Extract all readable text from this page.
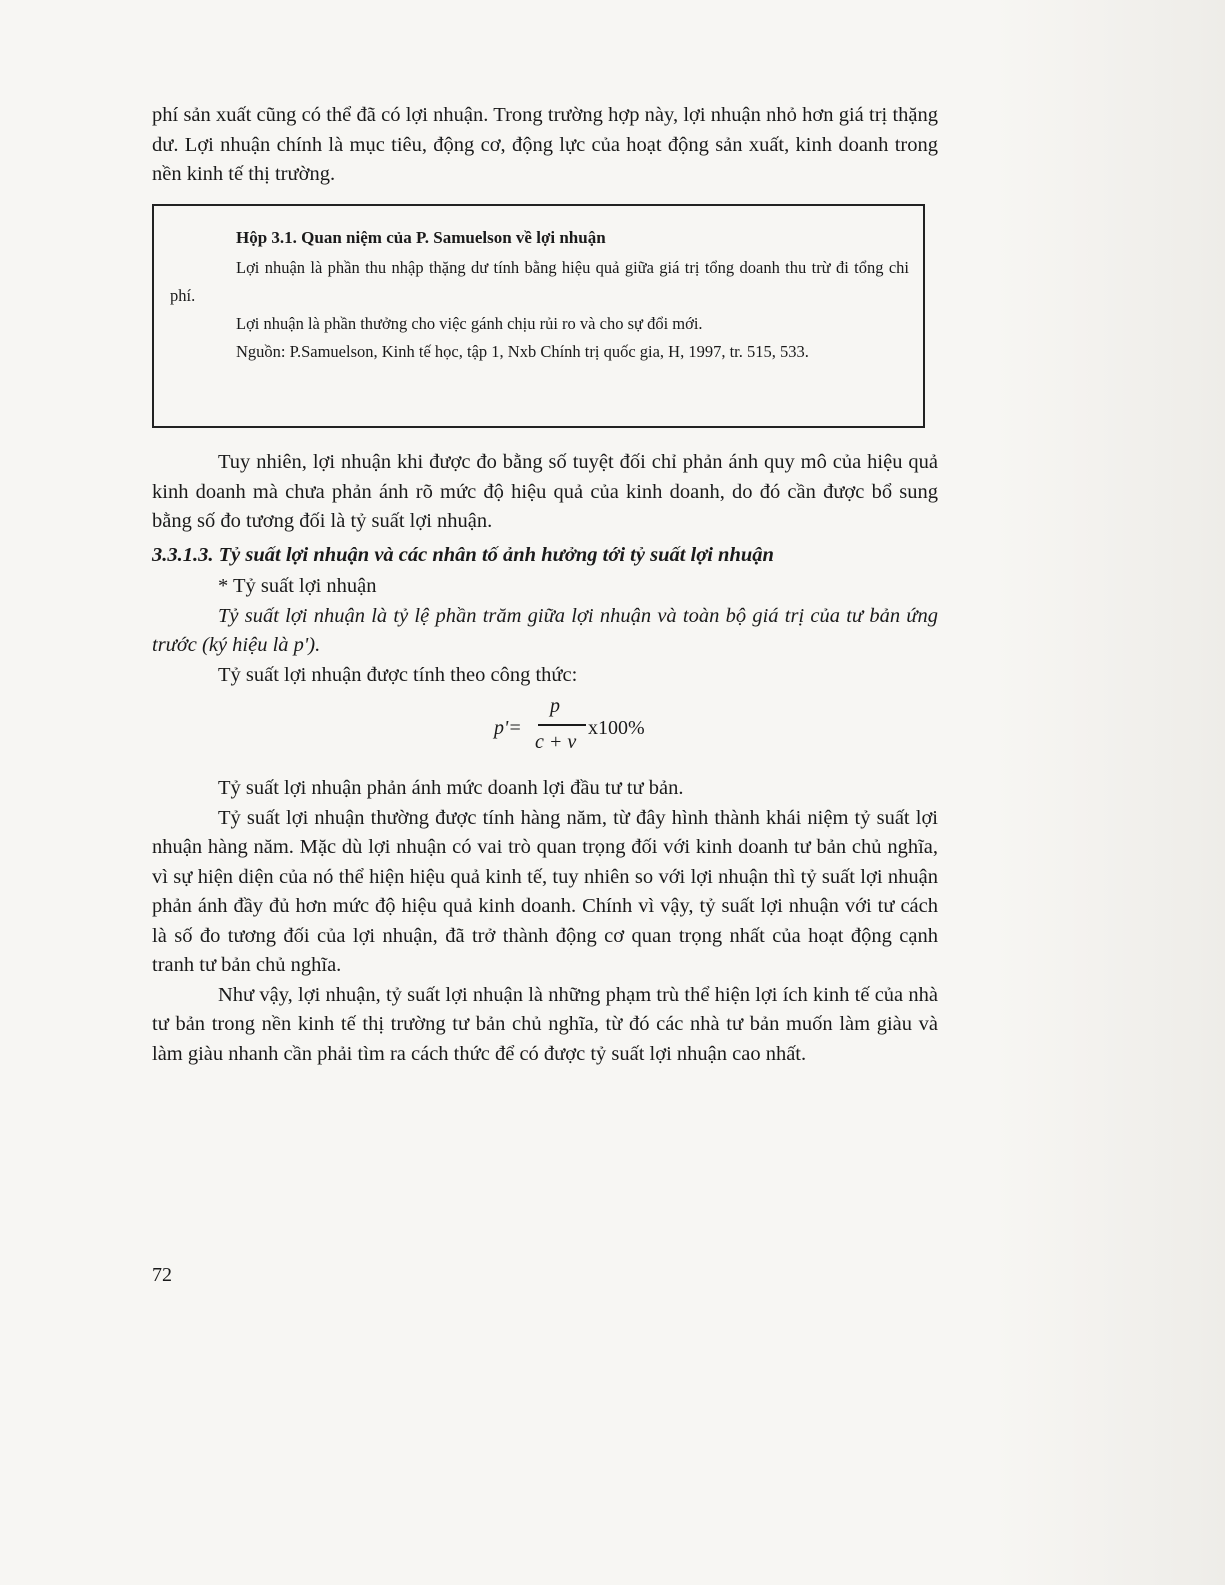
phí sản xuất cũng có thể đã có lợi nhuận. Trong trường hợp này, lợi nhuận nhỏ hơn giá trị thặng dư. Lợi nhuận chính là mục tiêu, động cơ, động lực của hoạt động sản xuất, kinh doanh trong nền kinh tế thị trường.

Hộp 3.1. Quan niệm của P. Samuelson về lợi nhuận

Lợi nhuận là phần thu nhập thặng dư tính bằng hiệu quả giữa giá trị tổng doanh thu trừ đi tổng chi phí.

Lợi nhuận là phần thưởng cho việc gánh chịu rủi ro và cho sự đổi mới.

Nguồn: P.Samuelson, Kinh tế học, tập 1, Nxb Chính trị quốc gia, H, 1997, tr. 515, 533.

Tuy nhiên, lợi nhuận khi được đo bằng số tuyệt đối chỉ phản ánh quy mô của hiệu quả kinh doanh mà chưa phản ánh rõ mức độ hiệu quả của kinh doanh, do đó cần được bổ sung bằng số đo tương đối là tỷ suất lợi nhuận.

3.3.1.3. Tỷ suất lợi nhuận và các nhân tố ảnh hưởng tới tỷ suất lợi nhuận

* Tỷ suất lợi nhuận

Tỷ suất lợi nhuận là tỷ lệ phần trăm giữa lợi nhuận và toàn bộ giá trị của tư bản ứng trước (ký hiệu là p').

Tỷ suất lợi nhuận được tính theo công thức:

p'=
p
c + v
x100%

Tỷ suất lợi nhuận phản ánh mức doanh lợi đầu tư tư bản.

Tỷ suất lợi nhuận thường được tính hàng năm, từ đây hình thành khái niệm tỷ suất lợi nhuận hàng năm. Mặc dù lợi nhuận có vai trò quan trọng đối với kinh doanh tư bản chủ nghĩa, vì sự hiện diện của nó thể hiện hiệu quả kinh tế, tuy nhiên so với lợi nhuận thì tỷ suất lợi nhuận phản ánh đầy đủ hơn mức độ hiệu quả kinh doanh. Chính vì vậy, tỷ suất lợi nhuận với tư cách là số đo tương đối của lợi nhuận, đã trở thành động cơ quan trọng nhất của hoạt động cạnh tranh tư bản chủ nghĩa.

Như vậy, lợi nhuận, tỷ suất lợi nhuận là những phạm trù thể hiện lợi ích kinh tế của nhà tư bản trong nền kinh tế thị trường tư bản chủ nghĩa, từ đó các nhà tư bản muốn làm giàu và làm giàu nhanh cần phải tìm ra cách thức để có được tỷ suất lợi nhuận cao nhất.

72
